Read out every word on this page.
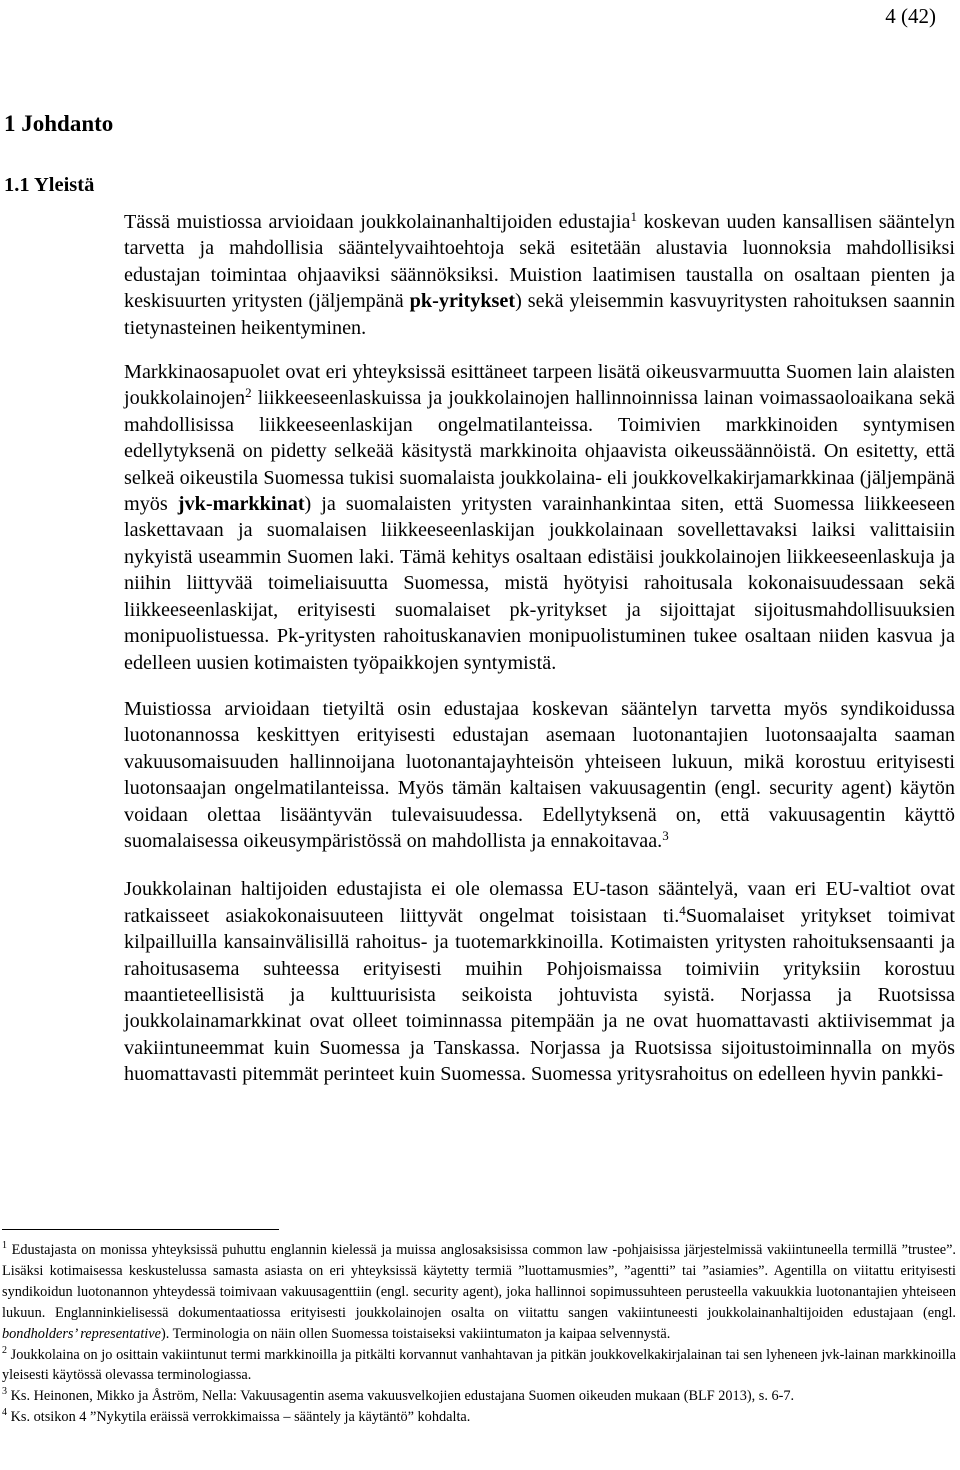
4 (42)
1 Johdanto
1.1 Yleistä

Tässä muistiossa arvioidaan joukkolainanhaltijoiden edustajia$^1$ koskevan uuden kansallisen sääntelyn tarvetta ja mahdollisia sääntelyvaihtoehtoja sekä esitetään alustavia luonnoksia mahdollisiksi edustajan toimintaa ohjaaviksi säännöksiksi. Muistion laatimisen taustalla on osaltaan pienten ja keskisuurten yritysten (jäljempänä pk-yritykset) sekä yleisemmin kasvuyritysten rahoituksen saannin tietynasteinen heikentyminen.

Markkinaosapuolet ovat eri yhteyksissä esittäneet tarpeen lisätä oikeusvarmuutta Suomen lain alaisten joukkolainojen$^2$ liikkeeseenlaskuissa ja joukkolainojen hallinnoinnissa lainan voimassaoloaikana sekä mahdollisissa liikkeeseenlaskijan ongelmatilanteissa. Toimivien markkinoiden syntymisen edellytyksenä on pidetty selkeää käsitystä markkinoita ohjaavista oikeussäännöistä. On esitetty, että selkeä oikeustila Suomessa tukisi suomalaista joukkolaina- eli joukkovelkakirjamarkkinaa (jäljempänä myös jvk-markkinat) ja suomalaisten yritysten varainhankintaa siten, että Suomessa liikkeeseen laskettavaan ja suomalaisen liikkeeseenlaskijan joukkolainaan sovellettavaksi laiksi valittaisiin nykyistä useammin Suomen laki. Tämä kehitys osaltaan edistäisi joukkolainojen liikkeeseenlaskuja ja niihin liittyvää toimeliaisuutta Suomessa, mistä hyötyisi rahoitusala kokonaisuudessaan sekä liikkeeseenlaskijat, erityisesti suomalaiset pk-yritykset ja sijoittajat sijoitusmahdollisuuksien monipuolistuessa. Pk-yritysten rahoituskanavien monipuolistuminen tukee osaltaan niiden kasvua ja edelleen uusien kotimaisten työpaikkojen syntymistä.

Muistiossa arvioidaan tietyiltä osin edustajaa koskevan sääntelyn tarvetta myös syndikoidussa luotonannossa keskittyen erityisesti edustajan asemaan luotonantajien luotonsaajalta saaman vakuusomaisuuden hallinnoijana luotonantajayhteisön yhteiseen lukuun, mikä korostuu erityisesti luotonsaajan ongelmatilanteissa. Myös tämän kaltaisen vakuusagentin (engl. security agent) käytön voidaan olettaa lisääntyvän tulevaisuudessa. Edellytyksenä on, että vakuusagentin käyttö suomalaisessa oikeusympäristössä on mahdollista ja ennakoitavaa.$^3$

Joukkolainan haltijoiden edustajista ei ole olemassa EU-tason sääntelyä, vaan eri EU-valtiot ovat ratkaisseet asiakokonaisuuteen liittyvät ongelmat toisistaan ti.$^4$Suomalaiset yritykset toimivat kilpailluilla kansainvälisillä rahoitus- ja tuotemarkkinoilla. Kotimaisten yritysten rahoituksensaanti ja rahoitusasema suhteessa erityisesti muihin Pohjoismaissa toimiviin yrityksiin korostuu maantieteellisistä ja kulttuurisista seikoista johtuvista syistä. Norjassa ja Ruotsissa joukkolainamarkkinat ovat olleet toiminnassa pitempään ja ne ovat huomattavasti aktiivisemmat ja vakiintuneemmat kuin Suomessa ja Tanskassa. Norjassa ja Ruotsissa sijoitustoiminnalla on myös huomattavasti pitemmät perinteet kuin Suomessa. Suomessa yritysrahoitus on edelleen hyvin pankki-

$^1$ Edustajasta on monissa yhteyksissä puhuttu englannin kielessä ja muissa anglosaksisissa common law -pohjaisissa järjestelmissä vakiintuneella termillä ”trustee”. Lisäksi kotimaisessa keskustelussa samasta asiasta on eri yhteyksissä käytetty termiä ”luottamusmies”, ”agentti” tai ”asiamies”. Agentilla on viitattu erityisesti syndikoidun luotonannon yhteydessä toimivaan vakuusagenttiin (engl. security agent), joka hallinnoi sopimussuhteen perusteella vakuukkia luotonantajien yhteiseen lukuun. Englanninkielisessä dokumentaatiossa erityisesti joukkolainojen osalta on viitattu sangen vakiintuneesti joukkolainanhaltijoiden edustajaan (engl. bondholders’ representative). Terminologia on näin ollen Suomessa toistaiseksi vakiintumaton ja kaipaa selvennystä.

$^2$ Joukkolaina on jo osittain vakiintunut termi markkinoilla ja pitkälti korvannut vanhahtavan ja pitkän joukkovelkakirjalainan tai sen lyheneen jvk-lainan markkinoilla yleisesti käytössä olevassa terminologiassa.

$^3$ Ks. Heinonen, Mikko ja Åström, Nella: Vakuusagentin asema vakuusvelkojien edustajana Suomen oikeuden mukaan (BLF 2013), s. 6-7.

$^4$ Ks. otsikon 4 ”Nykytila eräissä verrokkimaissa – sääntely ja käytäntö” kohdalta.
